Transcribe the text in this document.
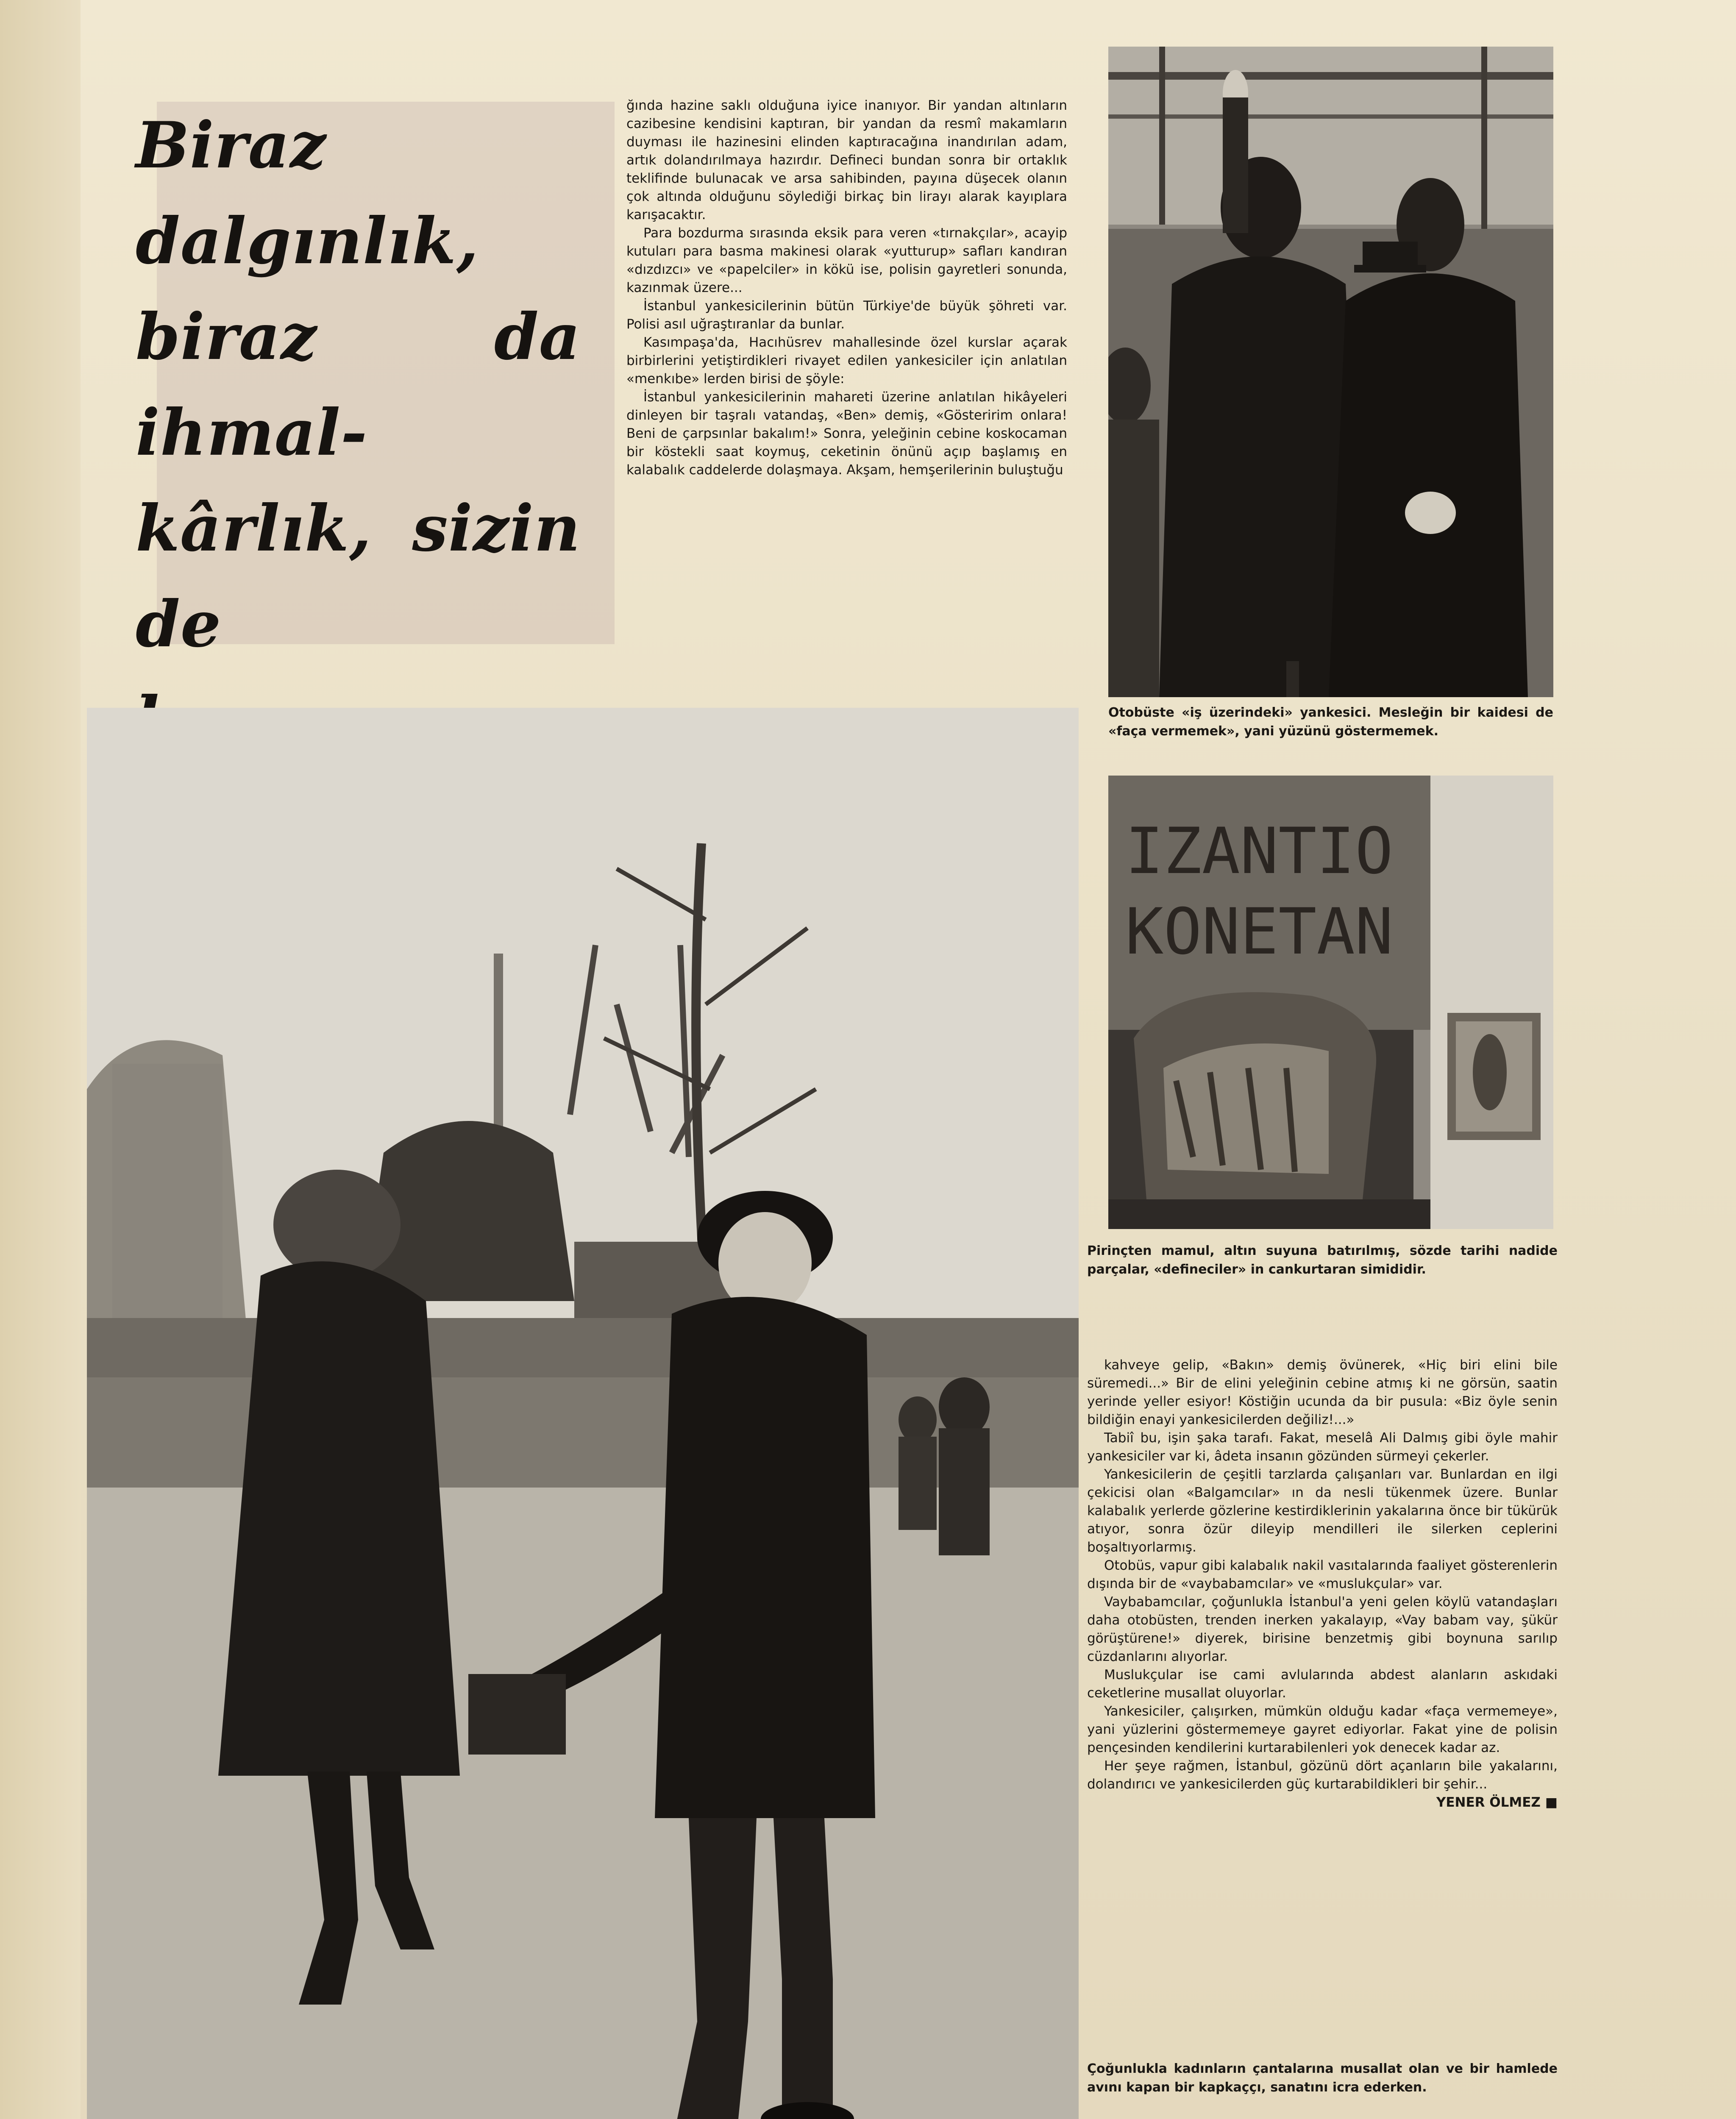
Biraz dalgınlık,
biraz da ihmal-
kârlık, sizin de

ğında hazine saklı olduğuna iyice inanıyor. Bir yandan altınların cazibesine kendisini kaptıran, bir yandan da resmî makamların duyması ile hazinesini elinden kaptıracağına inandırılan adam, artık dolandırılmaya hazırdır. Defineci bundan sonra bir ortaklık teklifinde bulunacak ve arsa sahibinden, payına düşecek olanın çok altında olduğunu söylediği birkaç bin lirayı alarak kayıplara karışacaktır.

Para bozdurma sırasında eksik para veren «tırnakçılar», acayip kutuları para basma makinesi olarak «yutturup» safları kandıran «dızdızcı» ve «papelciler» in kökü ise, polisin gayretleri sonunda, kazınmak üzere...

İstanbul yankesicilerinin bütün Türkiye'de büyük şöhreti var. Polisi asıl uğraştıranlar da bunlar.

Kasımpaşa'da, Hacıhüsrev mahallesinde özel kurslar açarak birbirlerini yetiştirdikleri rivayet edilen yankesiciler için anlatılan «menkıbe» lerden birisi de şöyle:

İstanbul yankesicilerinin mahareti üzerine anlatılan hikâyeleri dinleyen bir taşralı vatandaş, «Ben» demiş, «Gösteririm onlara! Beni de çarpsınlar bakalım!» Sonra, yeleğinin cebine koskocaman bir köstekli saat koymuş, ceketinin önünü açıp başlamış en kalabalık caddelerde dolaşmaya. Akşam, hemşerilerinin buluştuğu

Otobüste «iş üzerindeki» yankesici. Mesleğin bir kaidesi de «faça vermemek», yani yüzünü göstermemek.
IZANTIO
KONETAN
Pirinçten mamul, altın suyuna batırılmış, sözde tarihi nadide parçalar, «defineciler» in cankurtaran simididir.

kahveye gelip, «Bakın» demiş övünerek, «Hiç biri elini bile süremedi...» Bir de elini yeleğinin cebine atmış ki ne görsün, saatin yerinde yeller esiyor! Köstiğin ucunda da bir pusula: «Biz öyle senin bildiğin enayi yankesicilerden değiliz!...»

Tabiî bu, işin şaka tarafı. Fakat, meselâ Ali Dalmış gibi öyle mahir yankesiciler var ki, âdeta insanın gözünden sürmeyi çekerler.

Yankesicilerin de çeşitli tarzlarda çalışanları var. Bunlardan en ilgi çekicisi olan «Balgamcılar» ın da nesli tükenmek üzere. Bunlar kalabalık yerlerde gözlerine kestirdiklerinin yakalarına önce bir tükürük atıyor, sonra özür dileyip mendilleri ile silerken ceplerini boşaltıyorlarmış.

Otobüs, vapur gibi kalabalık nakil vasıtalarında faaliyet gösterenlerin dışında bir de «vaybabamcılar» ve «muslukçular» var.

Vaybabamcılar, çoğunlukla İstanbul'a yeni gelen köylü vatandaşları daha otobüsten, trenden inerken yakalayıp, «Vay babam vay, şükür görüştürene!» diyerek, birisine benzetmiş gibi boynuna sarılıp cüzdanlarını alıyorlar.

Muslukçular ise cami avlularında abdest alanların askıdaki ceketlerine musallat oluyorlar.

Yankesiciler, çalışırken, mümkün olduğu kadar «faça vermemeye», yani yüzlerini göstermemeye gayret ediyorlar. Fakat yine de polisin pençesinden kendilerini kurtarabilenleri yok denecek kadar az.

Her şeye rağmen, İstanbul, gözünü dört açanların bile yakalarını, dolandırıcı ve yankesicilerden güç kurtarabildikleri bir şehir...

YENER ÖLMEZ ■

Çoğunlukla kadınların çantalarına musallat olan ve bir hamlede avını kapan bir kapkaççı, sanatını icra ederken.
